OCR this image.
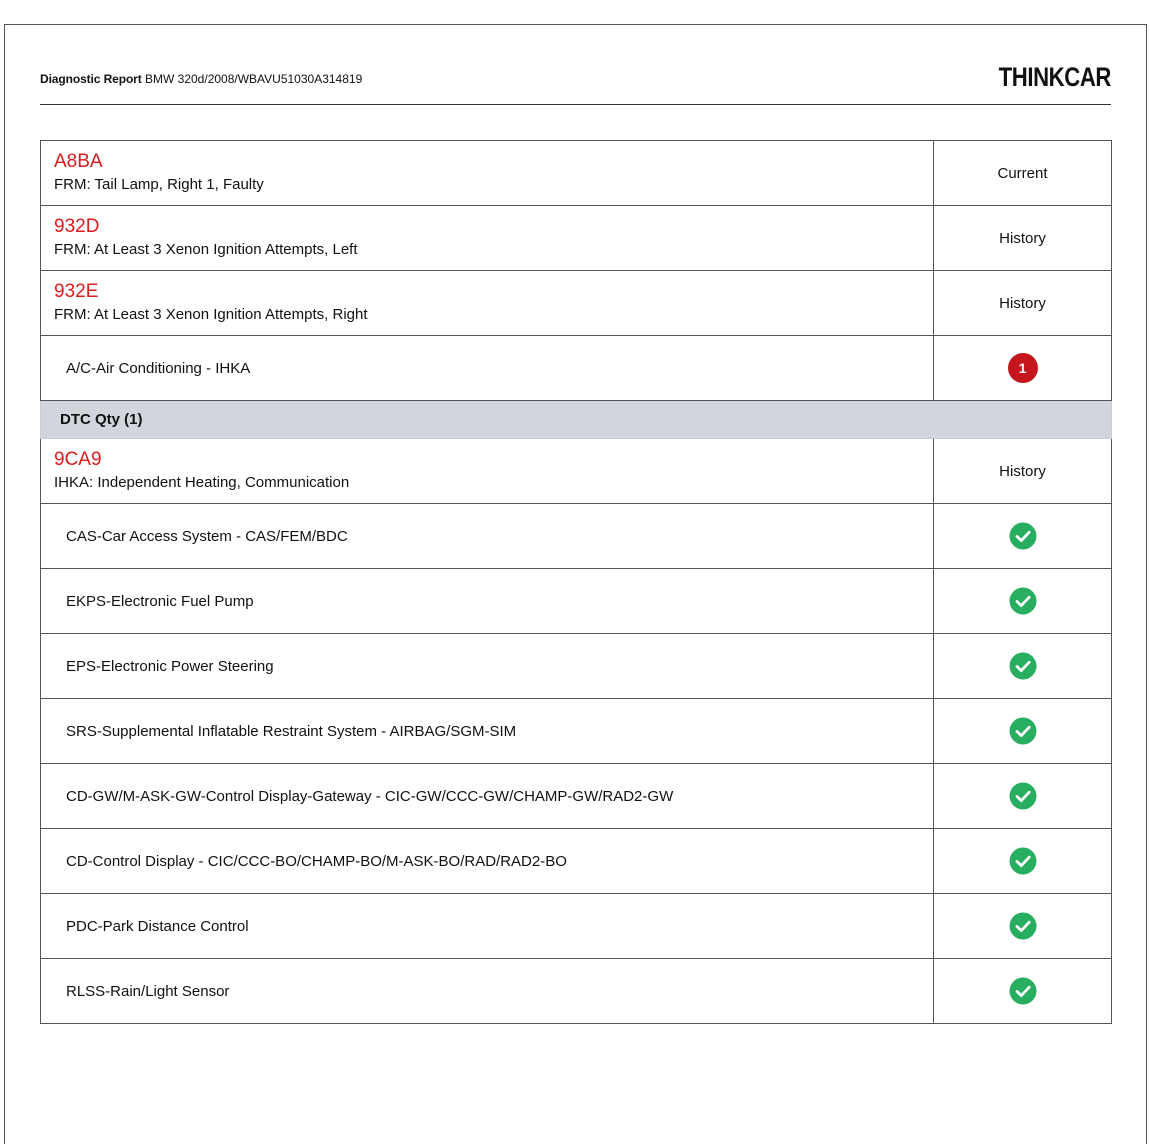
Diagnostic Report BMW 320d/2008/WBAVU51030A314819	THINKCAR
A8BA
FRM: Tail Lamp, Right 1, Faulty	Current

932D
FRM: At Least 3 Xenon Ignition Attempts, Left	History

932E
FRM: At Least 3 Xenon Ignition Attempts, Right	History

A/C-Air Conditioning - IHKA	1
DTC Qty (1)	

9CA9
IHKA: Independent Heating, Communication	History

CAS-Car Access System - CAS/FEM/BDC

EKPS-Electronic Fuel Pump

EPS-Electronic Power Steering

SRS-Supplemental Inflatable Restraint System - AIRBAG/SGM-SIM

CD-GW/M-ASK-GW-Control Display-Gateway - CIC-GW/CCC-GW/CHAMP-GW/RAD2-GW

CD-Control Display - CIC/CCC-BO/CHAMP-BO/M-ASK-BO/RAD/RAD2-BO

PDC-Park Distance Control

RLSS-Rain/Light Sensor
